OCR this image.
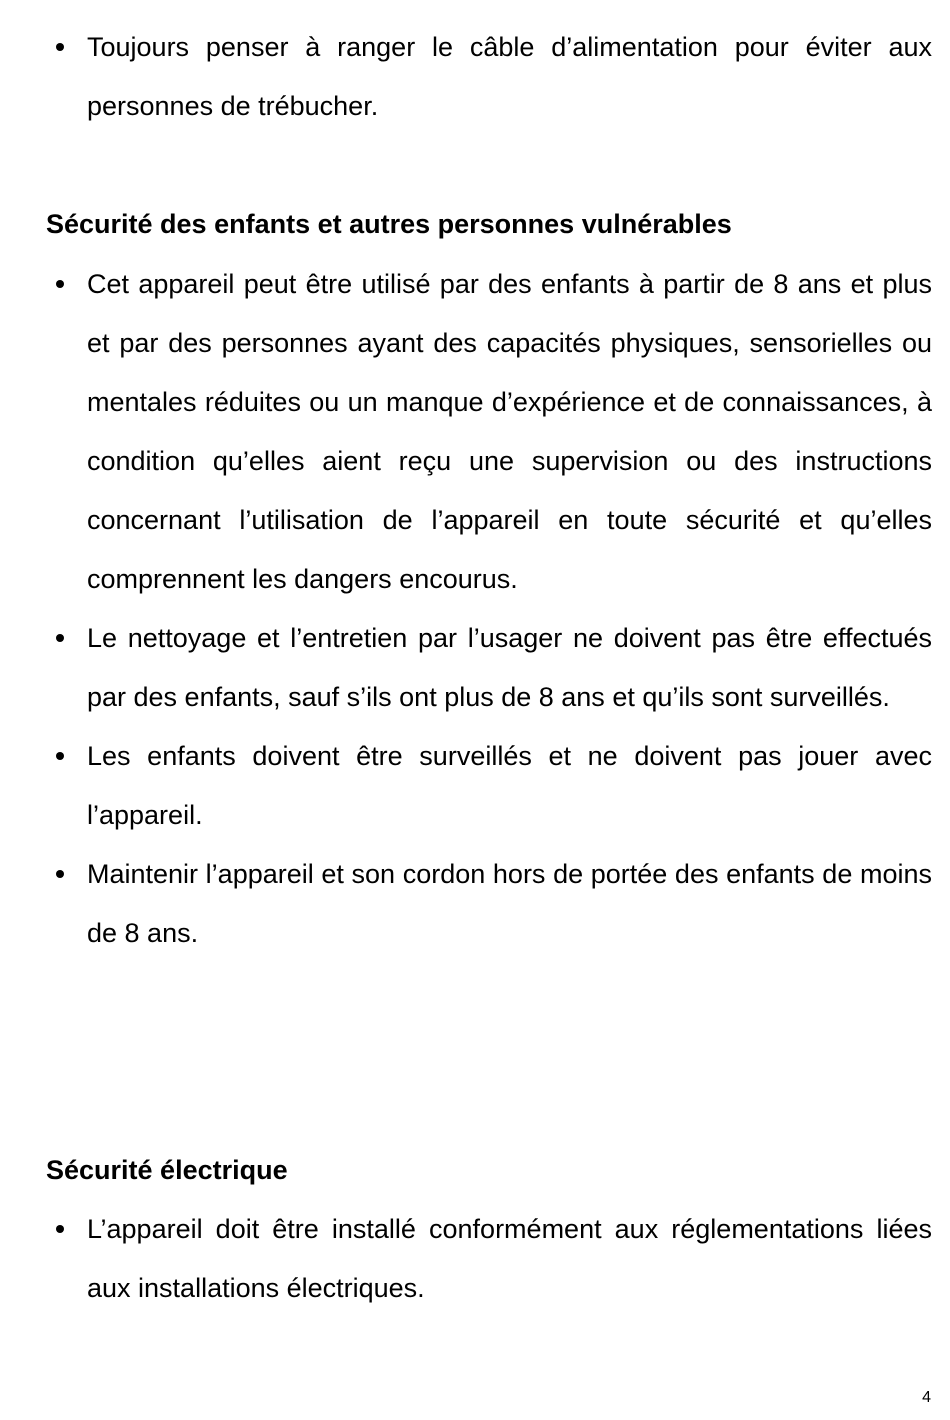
Toujours penser à ranger le câble d’alimentation pour éviter aux personnes de trébucher.
Sécurité des enfants et autres personnes vulnérables
Cet appareil peut être utilisé par des enfants à partir de 8 ans et plus et par des personnes ayant des capacités physiques, sensorielles ou mentales réduites ou un manque d’expérience et de connaissances, à condition qu’elles aient reçu une supervision ou des instructions concernant l’utilisation de l’appareil en toute sécurité et qu’elles comprennent les dangers encourus.
Le nettoyage et l’entretien par l’usager ne doivent pas être effectués par des enfants, sauf s’ils ont plus de 8 ans et qu’ils sont surveillés.
Les enfants doivent être surveillés et ne doivent pas jouer avec l’appareil.
Maintenir l’appareil et son cordon hors de portée des enfants de moins de 8 ans.
Sécurité électrique
L’appareil doit être installé conformément aux réglementations liées aux installations électriques.
4
